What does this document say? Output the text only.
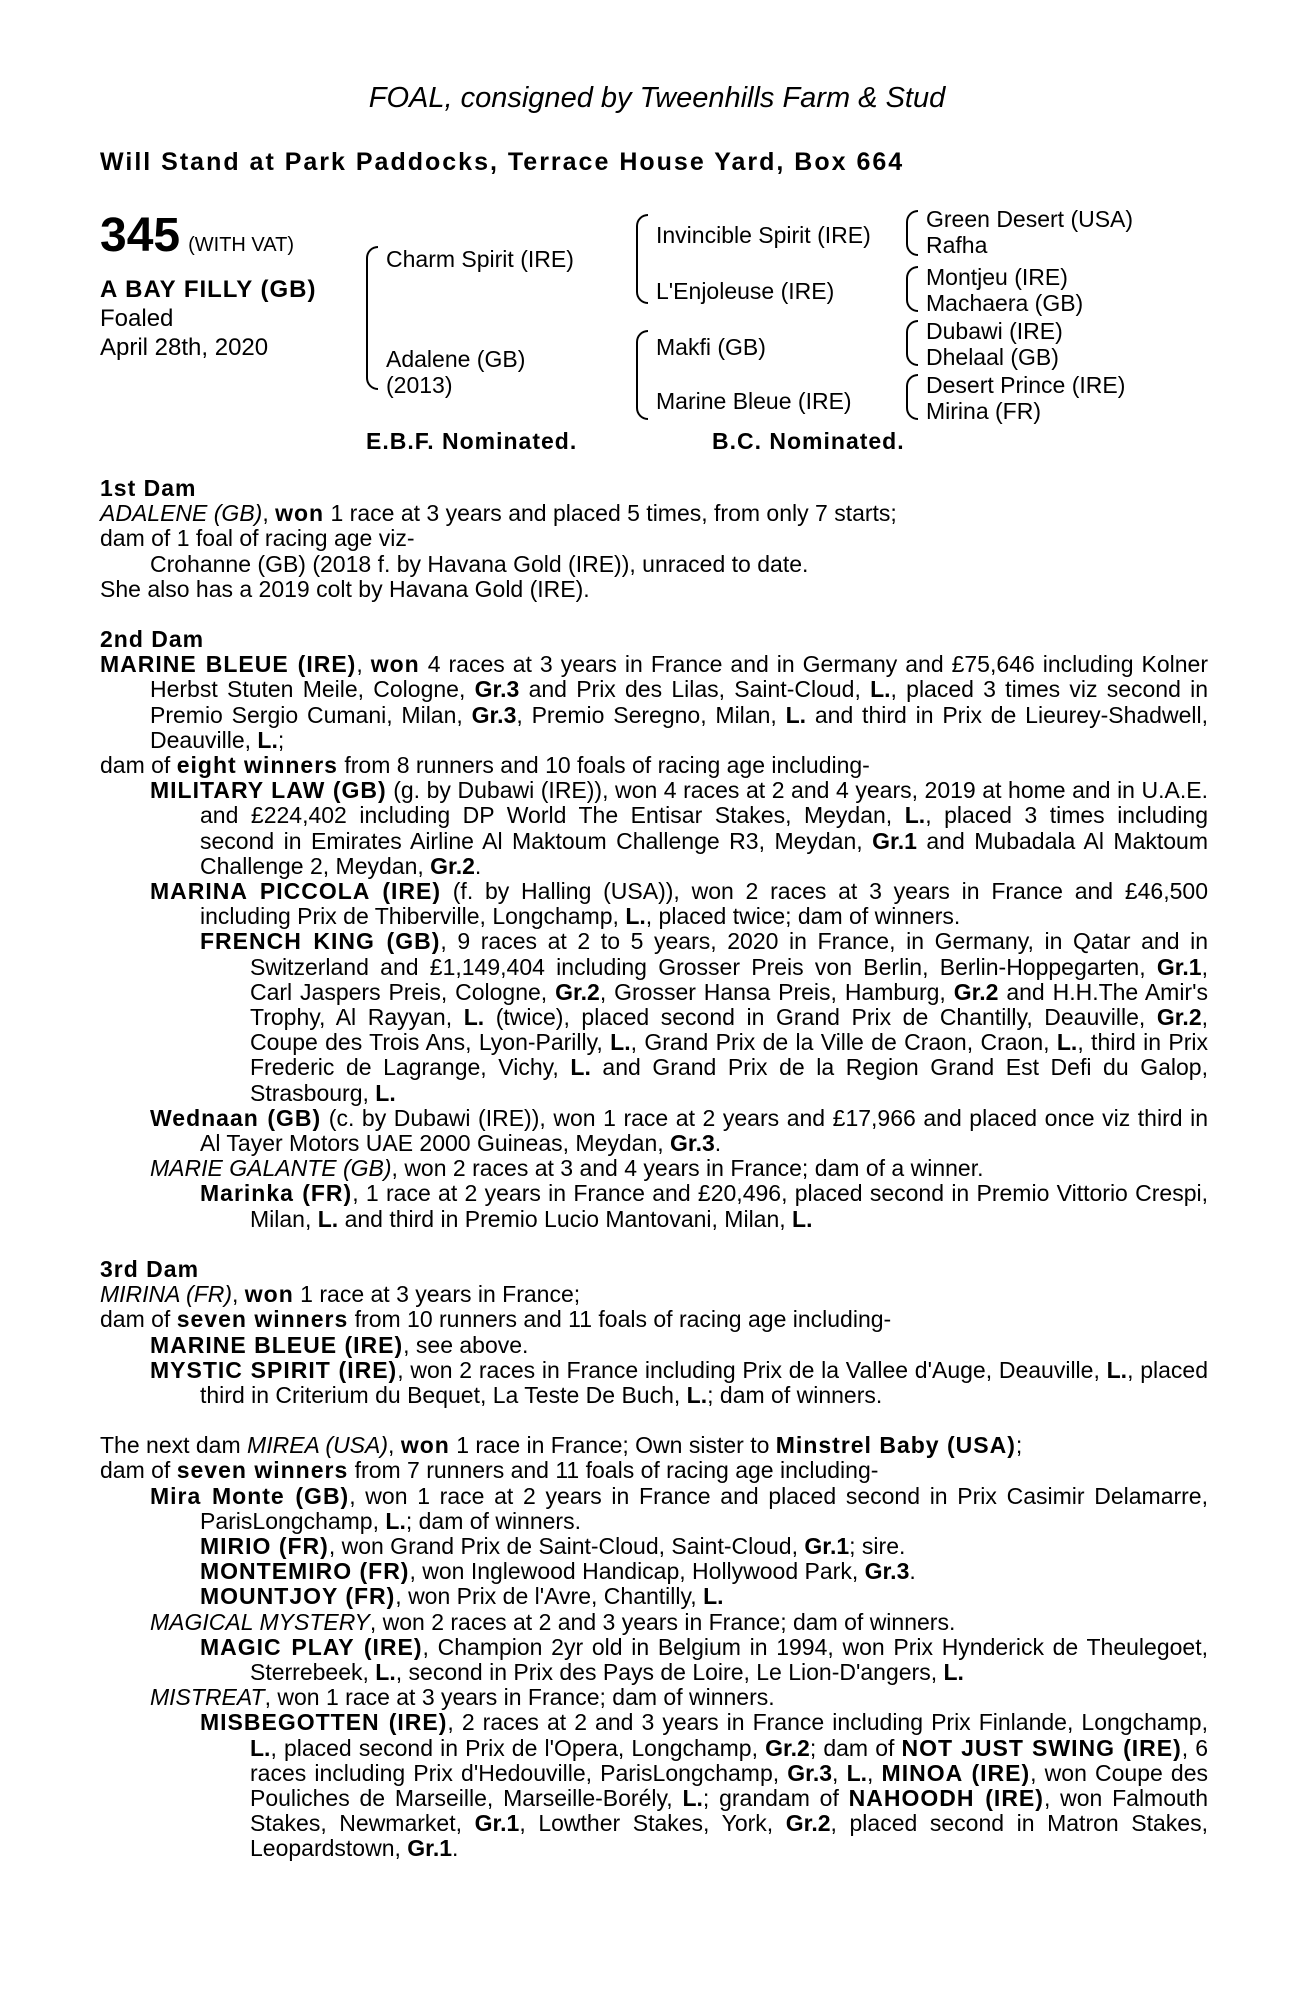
FOAL, consigned by Tweenhills Farm & Stud
Will Stand at Park Paddocks, Terrace House Yard, Box 664
345 (WITH VAT)
A BAY FILLY (GB)
Foaled
April 28th, 2020
Charm Spirit (IRE)
Adalene (GB)
(2013)
Invincible Spirit (IRE)
L'Enjoleuse (IRE)
Makfi (GB)
Marine Bleue (IRE)
Green Desert (USA)
Rafha
Montjeu (IRE)
Machaera (GB)
Dubawi (IRE)
Dhelaal (GB)
Desert Prince (IRE)
Mirina (FR)
E.B.F. Nominated.	B.C. Nominated.
1st Dam
ADALENE (GB), won 1 race at 3 years and placed 5 times, from only 7 starts;
dam of 1 foal of racing age viz-
Crohanne (GB) (2018 f. by Havana Gold (IRE)), unraced to date.
She also has a 2019 colt by Havana Gold (IRE).
2nd Dam
MARINE BLEUE (IRE), won 4 races at 3 years in France and in Germany and £75,646 including Kolner Herbst Stuten Meile, Cologne, Gr.3 and Prix des Lilas, Saint-Cloud, L., placed 3 times viz second in Premio Sergio Cumani, Milan, Gr.3, Premio Seregno, Milan, L. and third in Prix de Lieurey-Shadwell, Deauville, L.;
dam of eight winners from 8 runners and 10 foals of racing age including-
MILITARY LAW (GB) (g. by Dubawi (IRE)), won 4 races at 2 and 4 years, 2019 at home and in U.A.E. and £224,402 including DP World The Entisar Stakes, Meydan, L., placed 3 times including second in Emirates Airline Al Maktoum Challenge R3, Meydan, Gr.1 and Mubadala Al Maktoum Challenge 2, Meydan, Gr.2.
MARINA PICCOLA (IRE) (f. by Halling (USA)), won 2 races at 3 years in France and £46,500 including Prix de Thiberville, Longchamp, L., placed twice; dam of winners.
FRENCH KING (GB), 9 races at 2 to 5 years, 2020 in France, in Germany, in Qatar and in Switzerland and £1,149,404 including Grosser Preis von Berlin, Berlin-Hoppegarten, Gr.1, Carl Jaspers Preis, Cologne, Gr.2, Grosser Hansa Preis, Hamburg, Gr.2 and H.H.The Amir's Trophy, Al Rayyan, L. (twice), placed second in Grand Prix de Chantilly, Deauville, Gr.2, Coupe des Trois Ans, Lyon-Parilly, L., Grand Prix de la Ville de Craon, Craon, L., third in Prix Frederic de Lagrange, Vichy, L. and Grand Prix de la Region Grand Est Defi du Galop, Strasbourg, L.
Wednaan (GB) (c. by Dubawi (IRE)), won 1 race at 2 years and £17,966 and placed once viz third in Al Tayer Motors UAE 2000 Guineas, Meydan, Gr.3.
MARIE GALANTE (GB), won 2 races at 3 and 4 years in France; dam of a winner.
Marinka (FR), 1 race at 2 years in France and £20,496, placed second in Premio Vittorio Crespi, Milan, L. and third in Premio Lucio Mantovani, Milan, L.
3rd Dam
MIRINA (FR), won 1 race at 3 years in France;
dam of seven winners from 10 runners and 11 foals of racing age including-
MARINE BLEUE (IRE), see above.
MYSTIC SPIRIT (IRE), won 2 races in France including Prix de la Vallee d'Auge, Deauville, L., placed third in Criterium du Bequet, La Teste De Buch, L.; dam of winners.
The next dam MIREA (USA), won 1 race in France; Own sister to Minstrel Baby (USA);
dam of seven winners from 7 runners and 11 foals of racing age including-
Mira Monte (GB), won 1 race at 2 years in France and placed second in Prix Casimir Delamarre, ParisLongchamp, L.; dam of winners.
MIRIO (FR), won Grand Prix de Saint-Cloud, Saint-Cloud, Gr.1; sire.
MONTEMIRO (FR), won Inglewood Handicap, Hollywood Park, Gr.3.
MOUNTJOY (FR), won Prix de l'Avre, Chantilly, L.
MAGICAL MYSTERY, won 2 races at 2 and 3 years in France; dam of winners.
MAGIC PLAY (IRE), Champion 2yr old in Belgium in 1994, won Prix Hynderick de Theulegoet, Sterrebeek, L., second in Prix des Pays de Loire, Le Lion-D'angers, L.
MISTREAT, won 1 race at 3 years in France; dam of winners.
MISBEGOTTEN (IRE), 2 races at 2 and 3 years in France including Prix Finlande, Longchamp, L., placed second in Prix de l'Opera, Longchamp, Gr.2; dam of NOT JUST SWING (IRE), 6 races including Prix d'Hedouville, ParisLongchamp, Gr.3, L., MINOA (IRE), won Coupe des Pouliches de Marseille, Marseille-Borély, L.; grandam of NAHOODH (IRE), won Falmouth Stakes, Newmarket, Gr.1, Lowther Stakes, York, Gr.2, placed second in Matron Stakes, Leopardstown, Gr.1.
